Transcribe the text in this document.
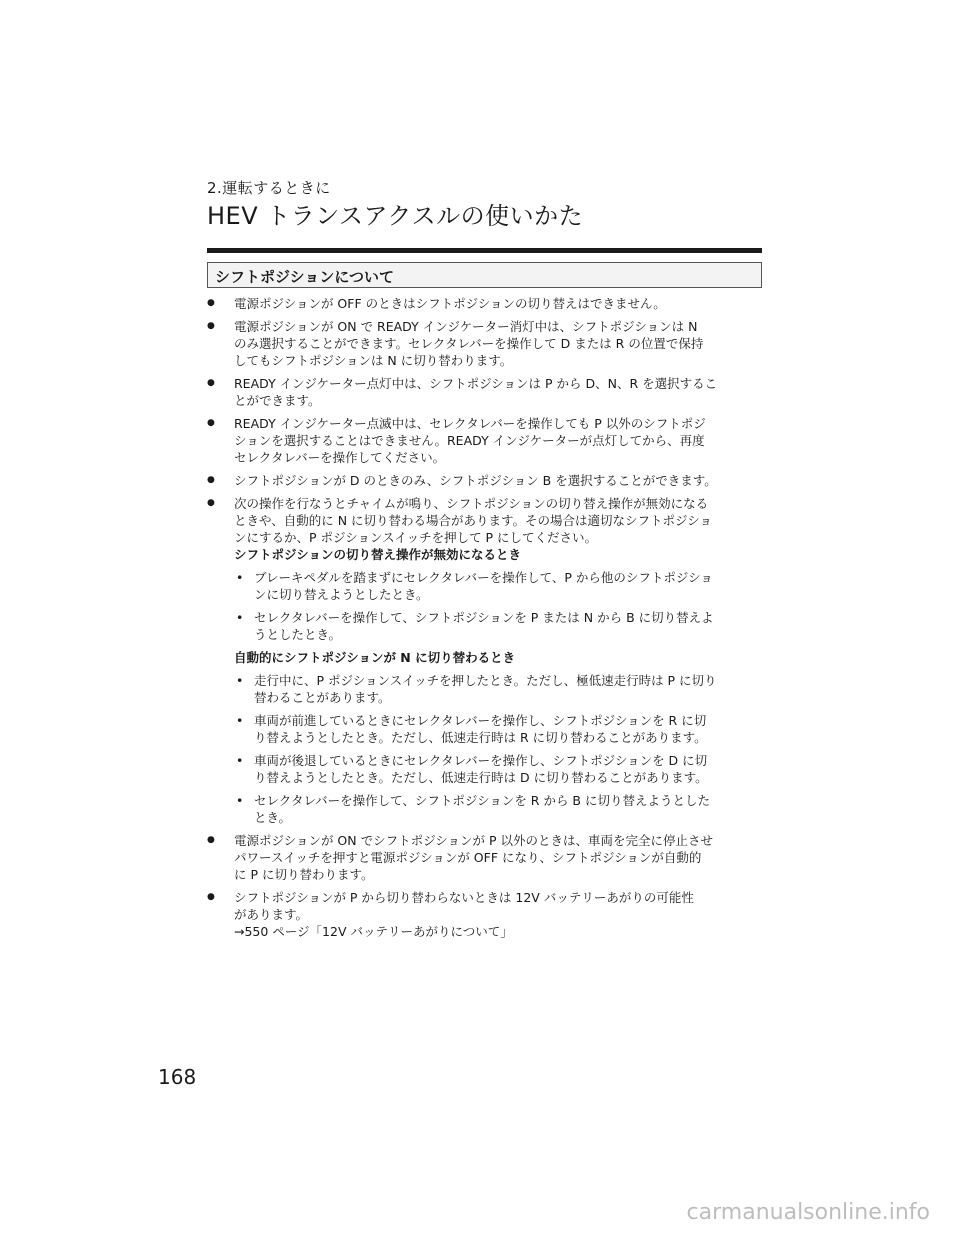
2.運転するときに
HEV トランスアクスルの使いかた
シフトポジションについて
● 電源ポジションが OFF のときはシフトポジションの切り替えはできません。
● 電源ポジションが ON で READY インジケーター消灯中は、シフトポジションは N
のみ選択することができます。セレクタレバーを操作して D または R の位置で保持
してもシフトポジションは N に切り替わります。
● READY インジケーター点灯中は、シフトポジションは P から D、N、R を選択するこ
とができます。
● READY インジケーター点滅中は、セレクタレバーを操作しても P 以外のシフトポジ
ションを選択することはできません。READY インジケーターが点灯してから、再度
セレクタレバーを操作してください。
● シフトポジションが D のときのみ、シフトポジション B を選択することができます。
● 次の操作を行なうとチャイムが鳴り、シフトポジションの切り替え操作が無効になる
ときや、自動的に N に切り替わる場合があります。その場合は適切なシフトポジショ
ンにするか、P ポジションスイッチを押して P にしてください。
シフトポジションの切り替え操作が無効になるとき
• ブレーキペダルを踏まずにセレクタレバーを操作して、P から他のシフトポジショ
ンに切り替えようとしたとき。
• セレクタレバーを操作して、シフトポジションを P または N から B に切り替えよ
うとしたとき。
自動的にシフトポジションが N に切り替わるとき
• 走行中に、P ポジションスイッチを押したとき。ただし、極低速走行時は P に切り
替わることがあります。
• 車両が前進しているときにセレクタレバーを操作し、シフトポジションを R に切
り替えようとしたとき。ただし、低速走行時は R に切り替わることがあります。
• 車両が後退しているときにセレクタレバーを操作し、シフトポジションを D に切
り替えようとしたとき。ただし、低速走行時は D に切り替わることがあります。
• セレクタレバーを操作して、シフトポジションを R から B に切り替えようとした
とき。
● 電源ポジションが ON でシフトポジションが P 以外のときは、車両を完全に停止させ
パワースイッチを押すと電源ポジションが OFF になり、シフトポジションが自動的
に P に切り替わります。
● シフトポジションが P から切り替わらないときは 12V バッテリーあがりの可能性
があります。
→550 ページ「12V バッテリーあがりについて」
168
carmanualsonline.info
